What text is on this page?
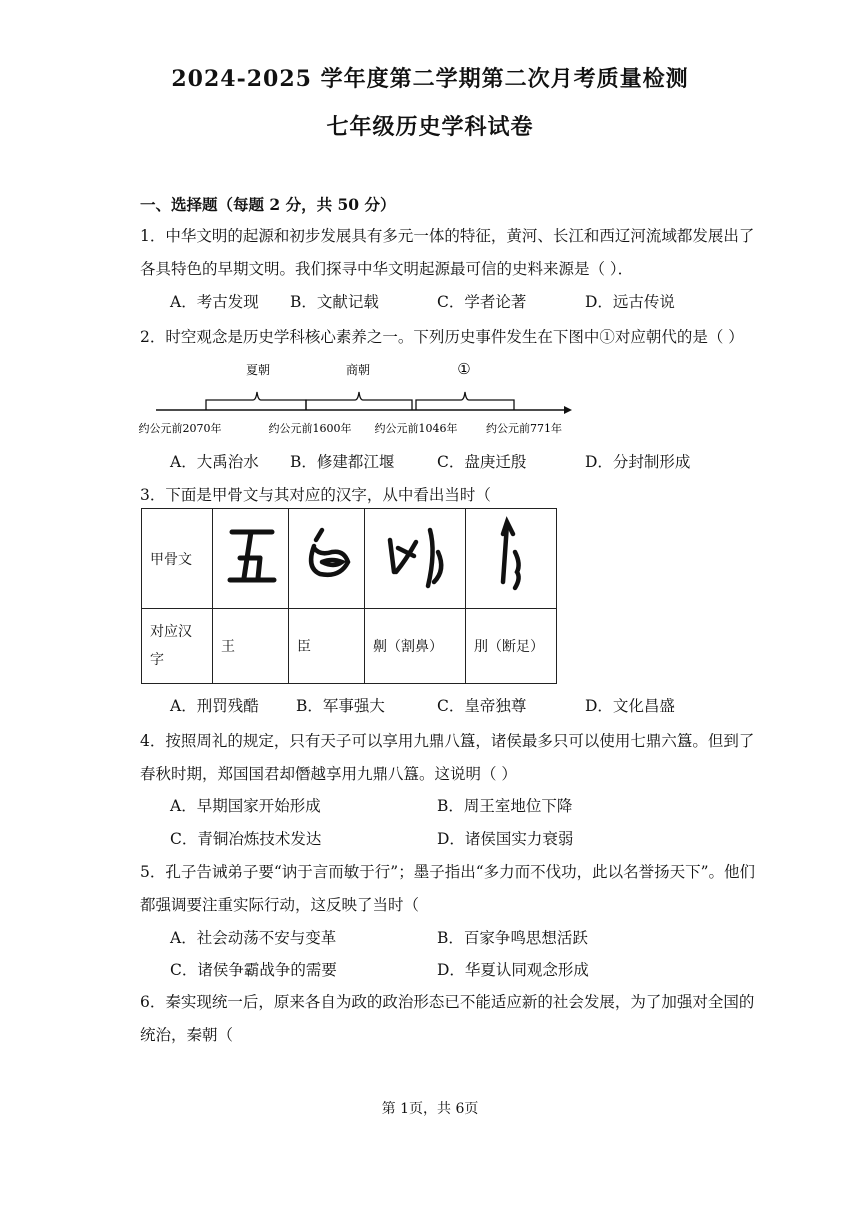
2024-2025 学年度第二学期第二次月考质量检测
七年级历史学科试卷
一、选择题（每题 2 分，共 50 分）
1．中华文明的起源和初步发展具有多元一体的特征，黄河、长江和西辽河流域都发展出了
各具特色的早期文明。我们探寻中华文明起源最可信的史料来源是（ ）．
A．考古发现 B．文献记载	C．学者论著	D．远古传说
2．时空观念是历史学科核心素养之一。下列历史事件发生在下图中①对应朝代的是（ ）
夏朝	商朝	①
约公元前2070年	约公元前1600年 约公元前1046年	约公元前771年
A．大禹治水 B．修建都江堰	C．盘庚迁殷	D．分封制形成
3．下面是甲骨文与其对应的汉字，从中看出当时（
甲骨文				

对应汉
字	王	臣	劓（割鼻）	刖（断足）
A．刑罚残酷 B．军事强大	C．皇帝独尊	D．文化昌盛
4．按照周礼的规定，只有天子可以享用九鼎八簋，诸侯最多只可以使用七鼎六簋。但到了
春秋时期，郑国国君却僭越享用九鼎八簋。这说明（ ）
A．早期国家开始形成	B．周王室地位下降
C．青铜冶炼技术发达	D．诸侯国实力衰弱
5．孔子告诫弟子要“讷于言而敏于行”；墨子指出“多力而不伐功，此以名誉扬天下”。他们
都强调要注重实际行动，这反映了当时（
A．社会动荡不安与变革	B．百家争鸣思想活跃
C．诸侯争霸战争的需要	D．华夏认同观念形成
6．秦实现统一后，原来各自为政的政治形态已不能适应新的社会发展，为了加强对全国的
统治，秦朝（
第 1页，共 6页
